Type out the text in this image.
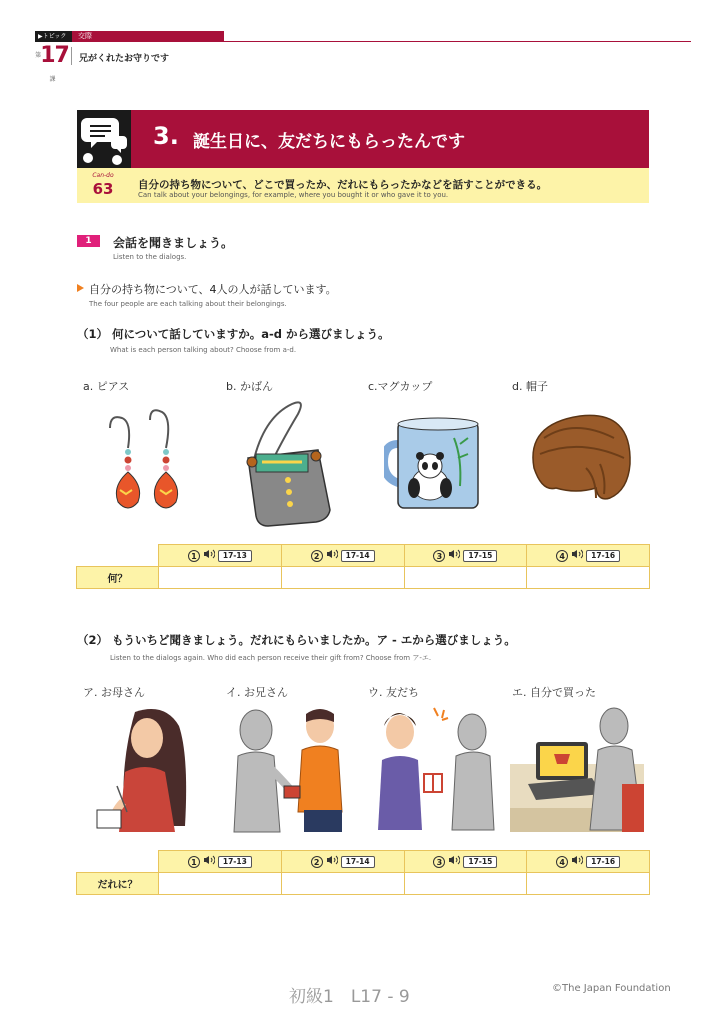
▶トピック	交際
第17課
兄がくれたお守りです
3. 誕生日に、友だちにもらったんです
Can-do
63	自分の持ち物について、どこで買ったか、だれにもらったかなどを話すことができる。
Can talk about your belongings, for example, where you bought it or who gave it to you.
1	会話を聞きましょう。
Listen to the dialogs.
自分の持ち物について、4人の人が話しています。
The four people are each talking about their belongings.
（1） 何について話していますか。a-d から選びましょう。
What is each person talking about? Choose from a-d.
a. ピアス	b. かばん	c.マグカップ	d. 帽子
	1 17-13	2 17-14	3 17-15	4 17-16
何？				
（2） もういちど聞きましょう。だれにもらいましたか。ア - エから選びましょう。
Listen to the dialogs again. Who did each person receive their gift from? Choose from ア-エ.
ア. お母さん	イ. お兄さん	ウ. 友だち	エ. 自分で買った
	1 17-13	2 17-14	3 17-15	4 17-16
だれに？				
初級1　L17 - 9	©The Japan Foundation
